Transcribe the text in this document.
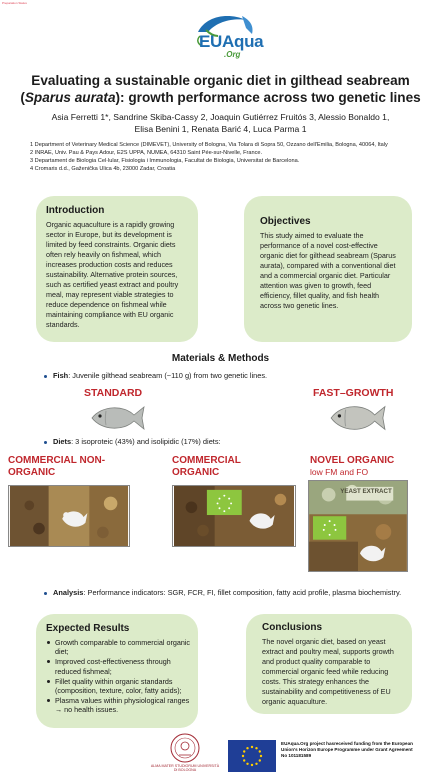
Preparation Status
EUAqua
.Org
Evaluating a sustainable organic diet in gilthead seabream
(Sparus aurata): growth performance across two genetic lines
Asia Ferretti 1*, Sandrine Skiba-Cassy 2, Joaquin Gutiérrez Fruitós 3, Alessio Bonaldo 1,
Elisa Benini 1, Renata Barić 4, Luca Parma 1
1 Department of Veterinary Medical Science (DIMEVET), University of Bologna, Via Tolara di Sopra 50, Ozzano dell'Emilia, Bologna, 40064, Italy
2 INRAE, Univ. Pau & Pays Adour, E2S UPPA, NUMEA, 64310 Saint Pée-sur-Nivelle, France.
3 Departament de Biologia Cel·lular, Fisiologia i Immunologia, Facultat de Biologia, Universitat de Barcelona.
4 Cromaris d.d., Gaženička Ulica 4b, 23000 Zadar, Croatia
Introduction
Organic aquaculture is a rapidly growing sector in Europe, but its development is limited by feed constraints. Organic diets often rely heavily on fishmeal, which increases production costs and reduces sustainability. Alternative protein sources, such as certified yeast extract and poultry meal, may represent viable strategies to reduce dependence on fishmeal while maintaining compliance with EU organic standards.
Objectives
This study aimed to evaluate the performance of a novel cost-effective organic diet for gilthead seabream (Sparus aurata), compared with a conventional diet and a commercial organic diet. Particular attention was given to growth, feed efficiency, fillet quality, and fish health across two genetic lines.
Materials & Methods
Fish: Juvenile gilthead seabream (~110 g) from two genetic lines.
STANDARD	FAST–GROWTH
Diets: 3 isoproteic (43%) and isolipidic (17%) diets:
COMMERCIAL NON-ORGANIC
COMMERCIAL ORGANIC
NOVEL ORGANIC
low FM and FO
YEAST EXTRACT
Analysis: Performance indicators: SGR, FCR, FI, fillet composition, fatty acid profile, plasma biochemistry.
Expected Results
Growth comparable to commercial organic diet;
Improved cost-effectiveness through reduced fishmeal;
Fillet quality within organic standards (composition, texture, color, fatty acids);
Plasma values within physiological ranges → no health issues.
Conclusions
The novel organic diet, based on yeast extract and poultry meal, supports growth and product quality comparable to commercial organic feed while reducing costs. This strategy enhances the sustainability and competitiveness of EU organic aquaculture.
ALMA MATER STUDIORUM UNIVERSITÀ DI BOLOGNA
EUAqua.Org project hasreceived funding from the European Union's Horizon Europe Programme under Grant Agreement No 101181589
